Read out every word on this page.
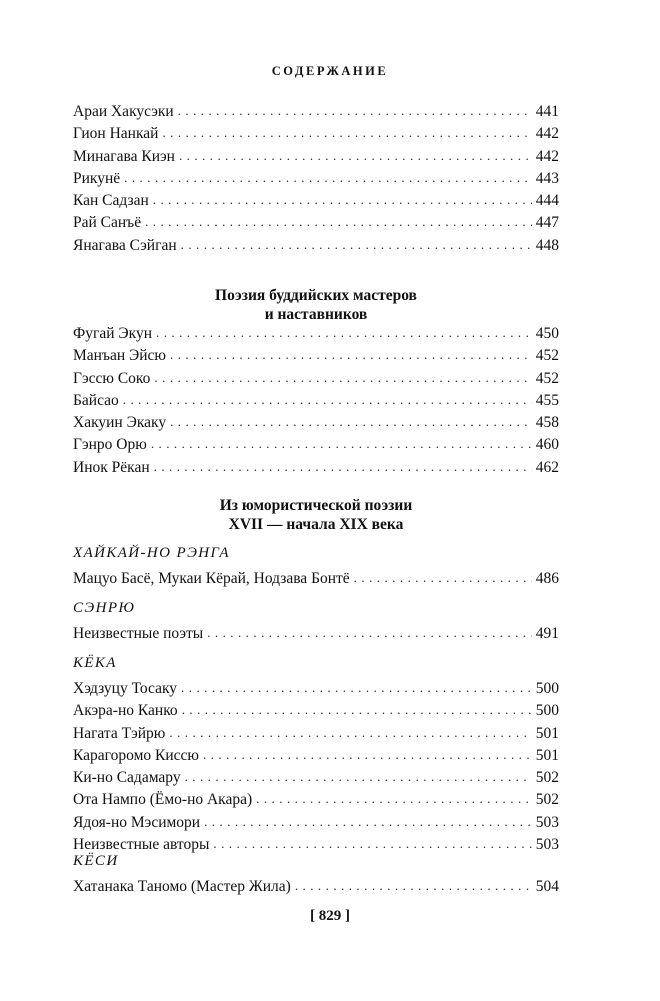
СОДЕРЖАНИЕ
Араи Хакусэки . . .	441
Гион Нанкай . . .	442
Минагава Киэн . . .	442
Рикунё . . .	443
Кан Садзан . . .	444
Рай Санъё . . .	447
Янагава Сэйган . . .	448
Поэзия буддийских мастеров
и наставников
Фугай Экун . . .	450
Манъан Эйсю . . .	452
Гэссю Соко . . .	452
Байсао . . .	455
Хакуин Экаку . . .	458
Гэнро Орю . . .	460
Инок Рёкан . . .	462
Из юмористической поэзии
XVII — начала XIX века
ХАЙКАЙ-НО РЭНГА
Мацуо Басё, Мукаи Кёрай, Нодзава Бонтё . . .	486
СЭНРЮ
Неизвестные поэты . . .	491
КЁКА
Хэдзуцу Тосаку . . .	500
Акэра-но Канко . . .	500
Нагата Тэйрю . . .	501
Карагоромо Киссю . . .	501
Ки-но Садамару . . .	502
Ота Нампо (Ёмо-но Акара) . . .	502
Ядоя-но Мэсимори . . .	503
Неизвестные авторы . . .	503
КЁСИ
Хатанака Таномо (Мастер Жила) . . .	504
[ 829 ]
